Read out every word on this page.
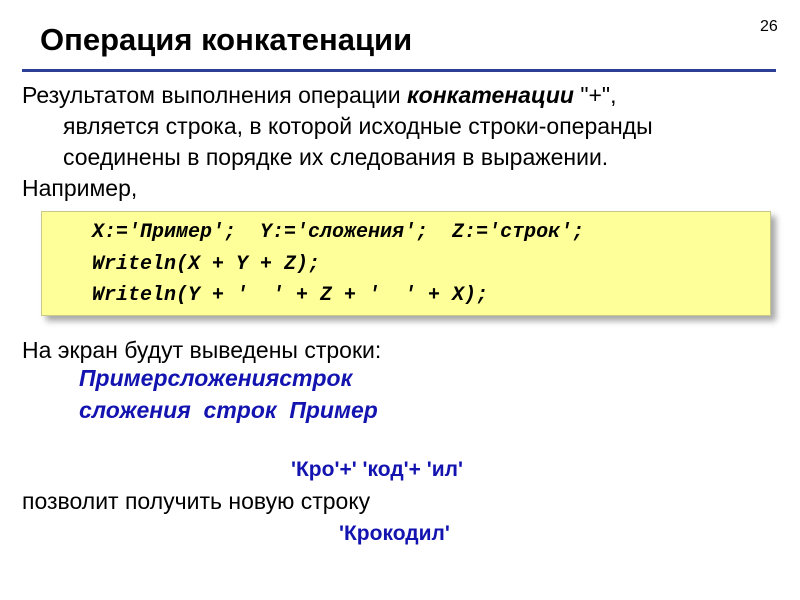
Операция конкатенации	26
Результатом выполнения операции конкатенации "+",
является строка, в которой исходные строки-операнды
соединены в порядке их следования в выражении.
Например,
X:='Пример';  Y:='сложения';  Z:='строк';
Writeln(X + Y + Z);
Writeln(Y + '  ' + Z + '  ' + X);
На экран будут выведены строки:
Примерсложениястрок
сложения  строк  Пример
'Кро'+' 'код'+ 'ил'
позволит получить новую строку
'Крокодил'
